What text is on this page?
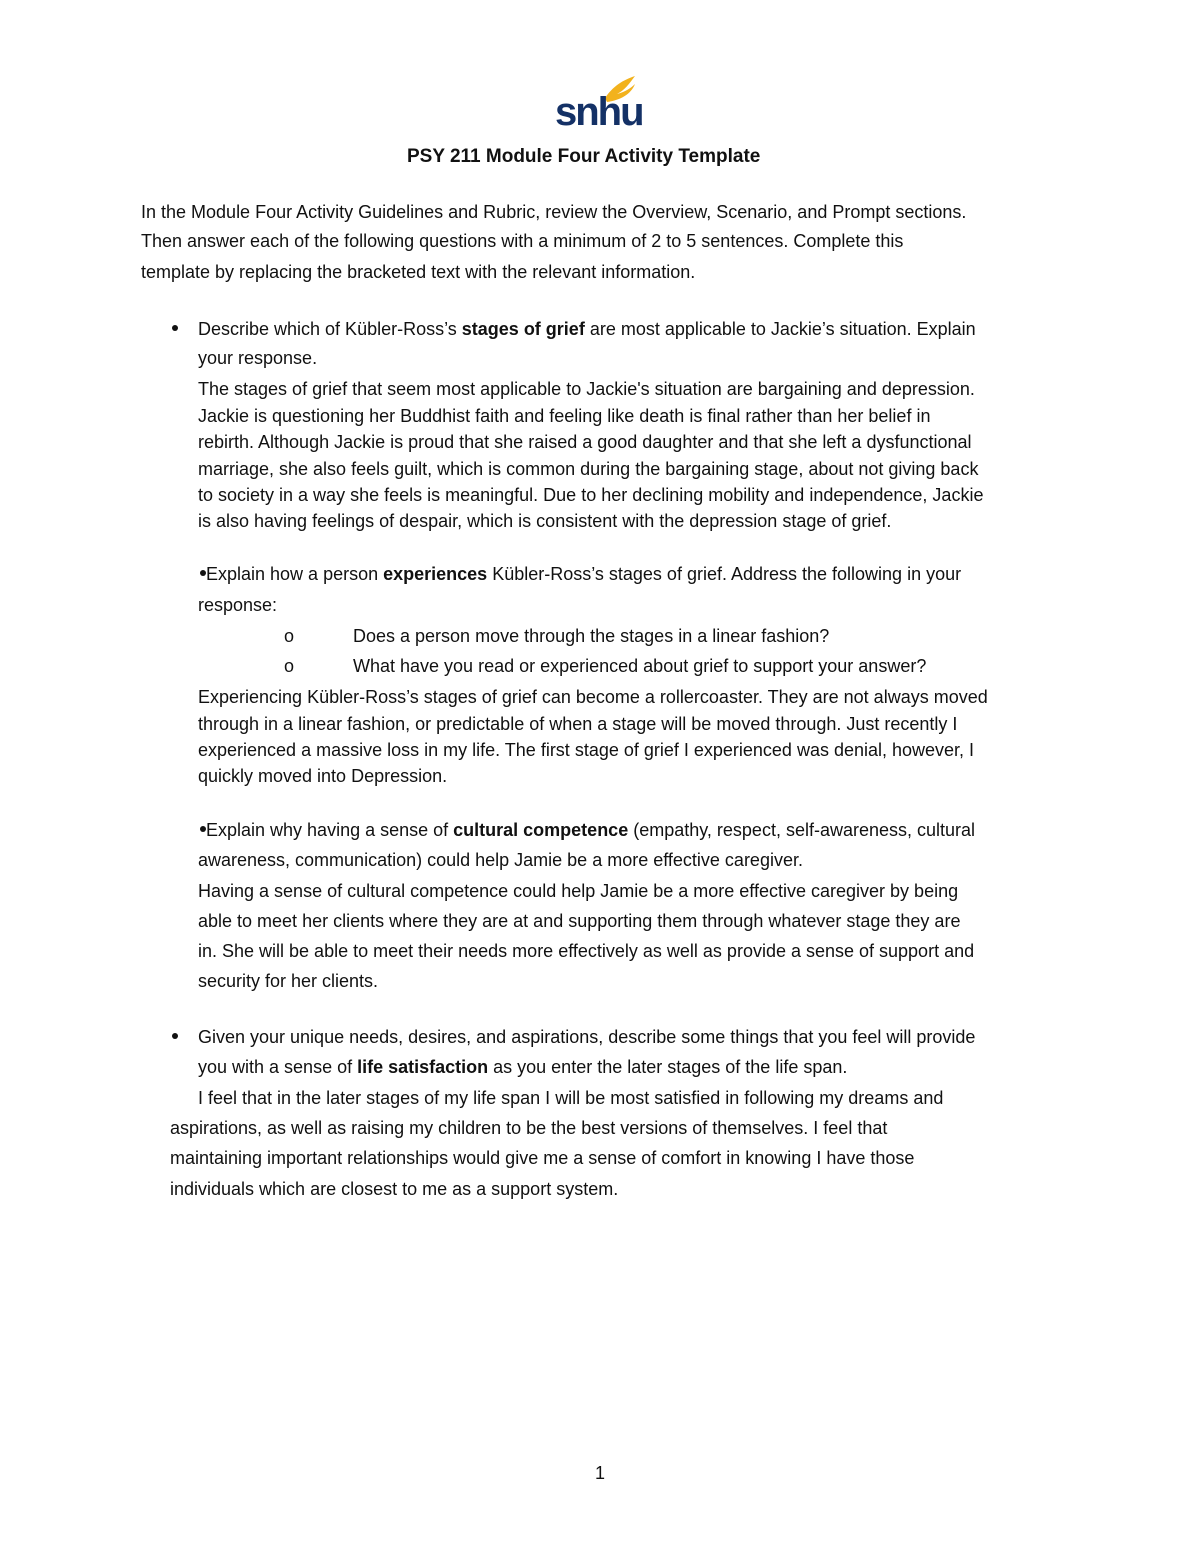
snhu
PSY 211 Module Four Activity Template
In the Module Four Activity Guidelines and Rubric, review the Overview, Scenario, and Prompt sections.
Then answer each of the following questions with a minimum of 2 to 5 sentences. Complete this
template by replacing the bracketed text with the relevant information.
Describe which of Kübler-Ross’s stages of grief are most applicable to Jackie’s situation. Explain
your response.
The stages of grief that seem most applicable to Jackie's situation are bargaining and depression.
Jackie is questioning her Buddhist faith and feeling like death is final rather than her belief in
rebirth. Although Jackie is proud that she raised a good daughter and that she left a dysfunctional
marriage, she also feels guilt, which is common during the bargaining stage, about not giving back
to society in a way she feels is meaningful. Due to her declining mobility and independence, Jackie
is also having feelings of despair, which is consistent with the depression stage of grief.
Explain how a person experiences Kübler-Ross’s stages of grief. Address the following in your
response:
o	Does a person move through the stages in a linear fashion?
o	What have you read or experienced about grief to support your answer?
Experiencing Kübler-Ross’s stages of grief can become a rollercoaster. They are not always moved
through in a linear fashion, or predictable of when a stage will be moved through. Just recently I
experienced a massive loss in my life. The first stage of grief I experienced was denial, however, I
quickly moved into Depression.
Explain why having a sense of cultural competence (empathy, respect, self-awareness, cultural
awareness, communication) could help Jamie be a more effective caregiver.
Having a sense of cultural competence could help Jamie be a more effective caregiver by being
able to meet her clients where they are at and supporting them through whatever stage they are
in. She will be able to meet their needs more effectively as well as provide a sense of support and
security for her clients.
Given your unique needs, desires, and aspirations, describe some things that you feel will provide
you with a sense of life satisfaction as you enter the later stages of the life span.
I feel that in the later stages of my life span I will be most satisfied in following my dreams and
aspirations, as well as raising my children to be the best versions of themselves. I feel that
maintaining important relationships would give me a sense of comfort in knowing I have those
individuals which are closest to me as a support system.
1
